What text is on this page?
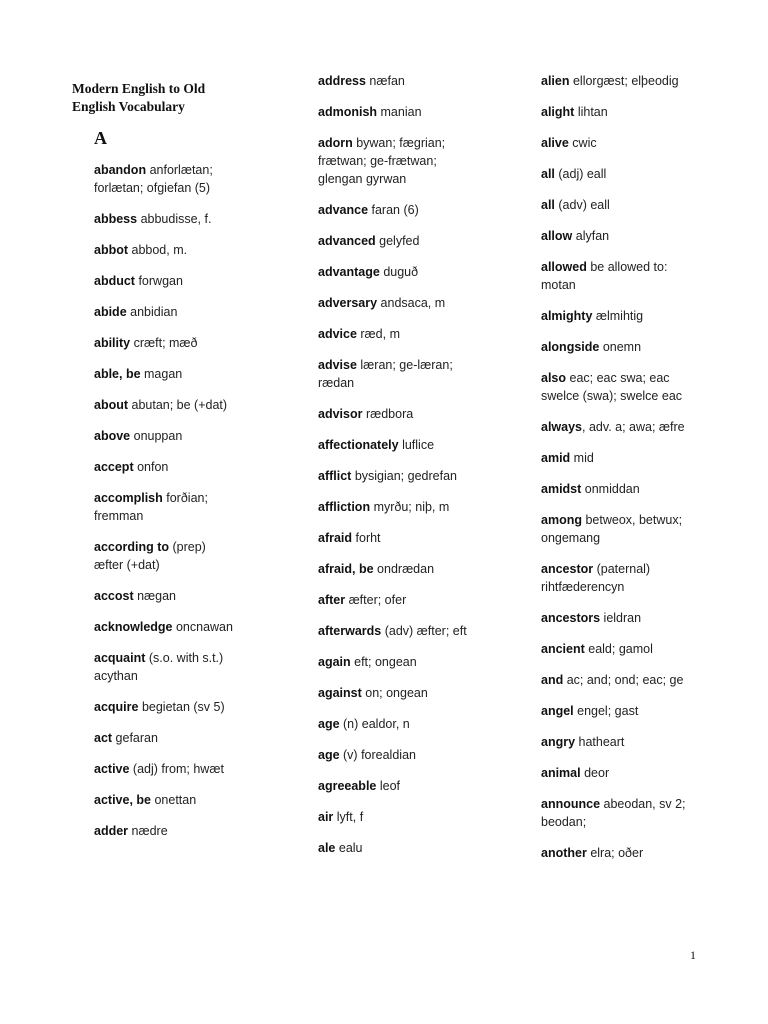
Modern English to Old English Vocabulary
A
abandon anforlætan; forlætan; ofgiefan (5)
abbess abbudisse, f.
abbot abbod, m.
abduct forwgan
abide anbidian
ability cræft; mæð
able, be magan
about abutan; be (+dat)
above onuppan
accept onfon
accomplish forðian; fremman
according to (prep) æfter (+dat)
accost nægan
acknowledge oncnawan
acquaint (s.o. with s.t.) acythan
acquire begietan (sv 5)
act gefaran
active (adj) from; hwæt
active, be onettan
adder nædre
address næfan
admonish manian
adorn bywan; fægrian; frætwan; ge-frætwan; glengan gyrwan
advance faran (6)
advanced gelyfed
advantage duguð
adversary andsaca, m
advice ræd, m
advise læran; ge-læran; rædan
advisor rædbora
affectionately luflice
afflict bysigian; gedrefan
affliction myrðu; niþ, m
afraid forht
afraid, be ondrædan
after æfter; ofer
afterwards (adv) æfter; eft
again eft; ongean
against on; ongean
age (n) ealdor, n
age (v) forealdian
agreeable leof
air lyft, f
ale ealu
alien ellorgæst; elþeodig
alight lihtan
alive cwic
all (adj) eall
all (adv) eall
allow alyfan
allowed be allowed to: motan
almighty ælmihtig
alongside onemn
also eac; eac swa; eac swelce (swa); swelce eac
always, adv. a; awa; æfre
amid mid
amidst onmiddan
among betweox, betwux; ongemang
ancestor (paternal) rihtfæderencyn
ancestors ieldran
ancient eald; gamol
and ac; and; ond; eac; ge
angel engel; gast
angry hatheart
animal deor
announce abeodan, sv 2; beodan;
another elra; oðer
1
